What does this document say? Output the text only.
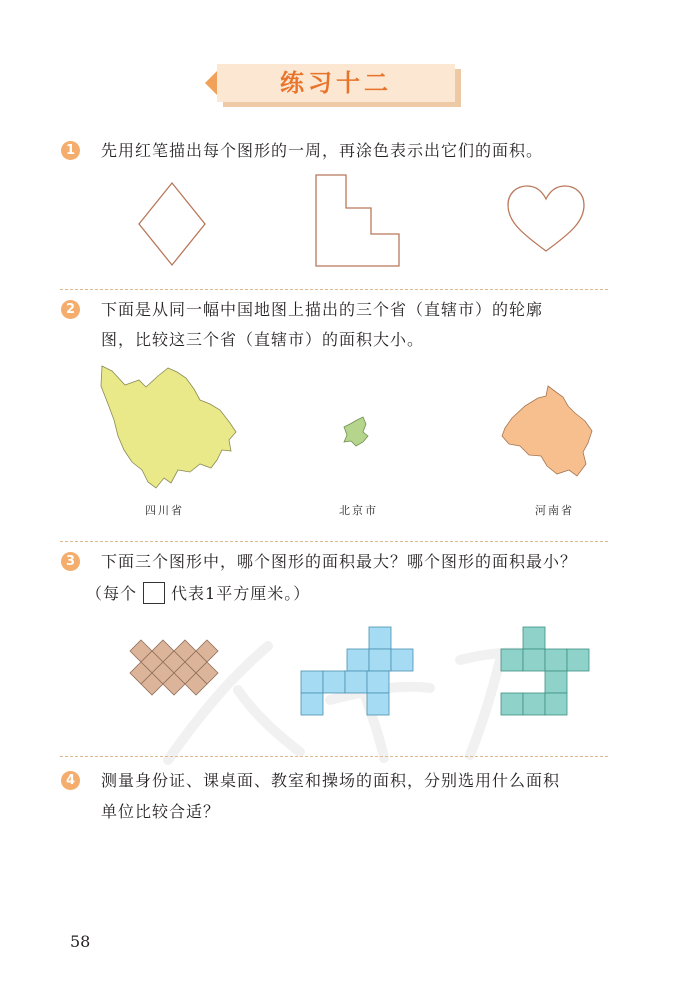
练习十二
1	先用红笔描出每个图形的一周，再涂色表示出它们的面积。
2	下面是从同一幅中国地图上描出的三个省（直辖市）的轮廓
图，比较这三个省（直辖市）的面积大小。
四川省	北京市	河南省
3	下面三个图形中，哪个图形的面积最大？哪个图形的面积最小？
（每个 代表1平方厘米。）
4	测量身份证、课桌面、教室和操场的面积，分别选用什么面积
单位比较合适？
58
